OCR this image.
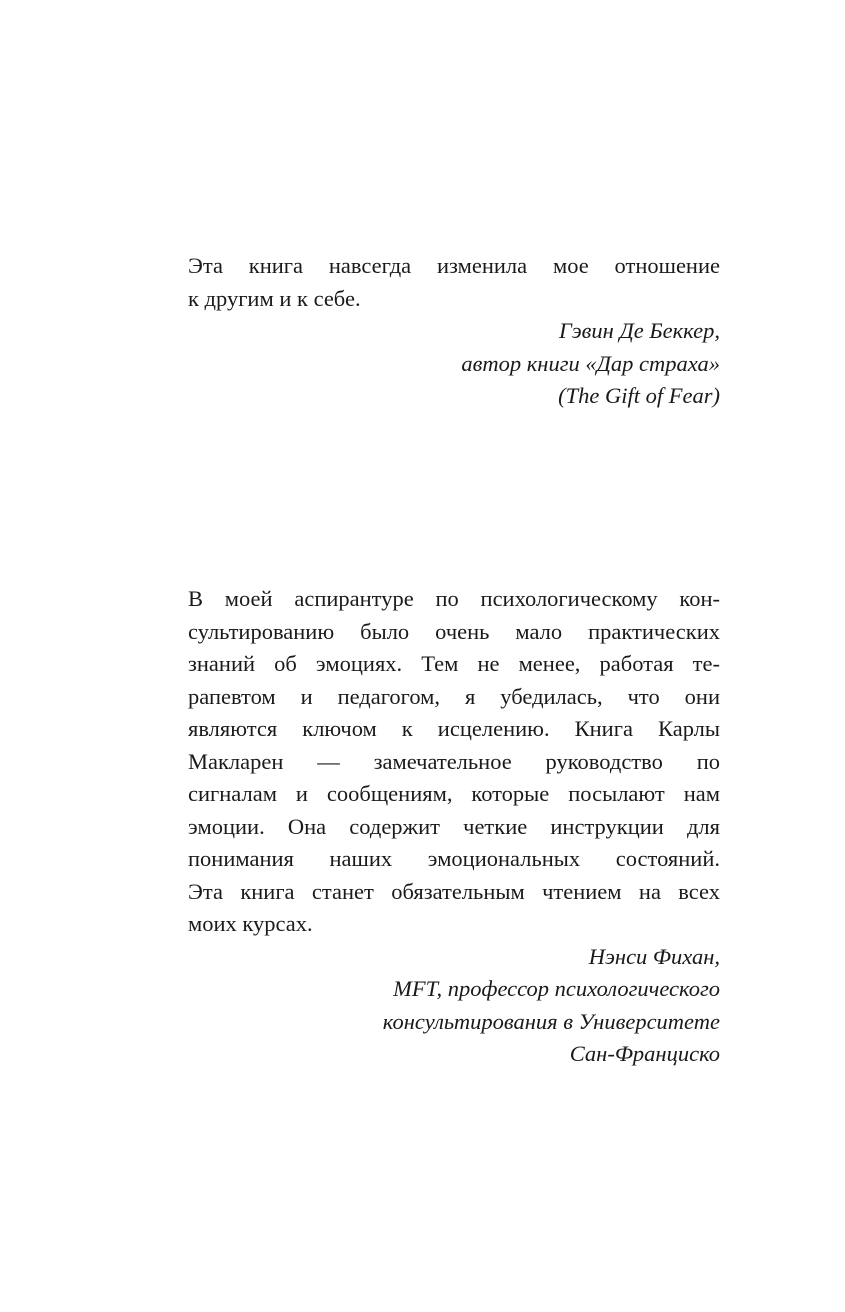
Эта книга навсегда изменила мое отношение
к другим и к себе.

Гэвин Де Беккер,
автор книги «Дар страха»
(The Gift of Fear)

В моей аспирантуре по психологическому кон-
сультированию было очень мало практических
знаний об эмоциях. Тем не менее, работая те-
рапевтом и педагогом, я убедилась, что они
являются ключом к исцелению. Книга Карлы
Макларен — замечательное руководство по
сигналам и сообщениям, которые посылают нам
эмоции. Она содержит четкие инструкции для
понимания наших эмоциональных состояний.
Эта книга станет обязательным чтением на всех
моих курсах.

Нэнси Фихан,
MFT, профессор психологического
консультирования в Университете
Сан-Франциско
